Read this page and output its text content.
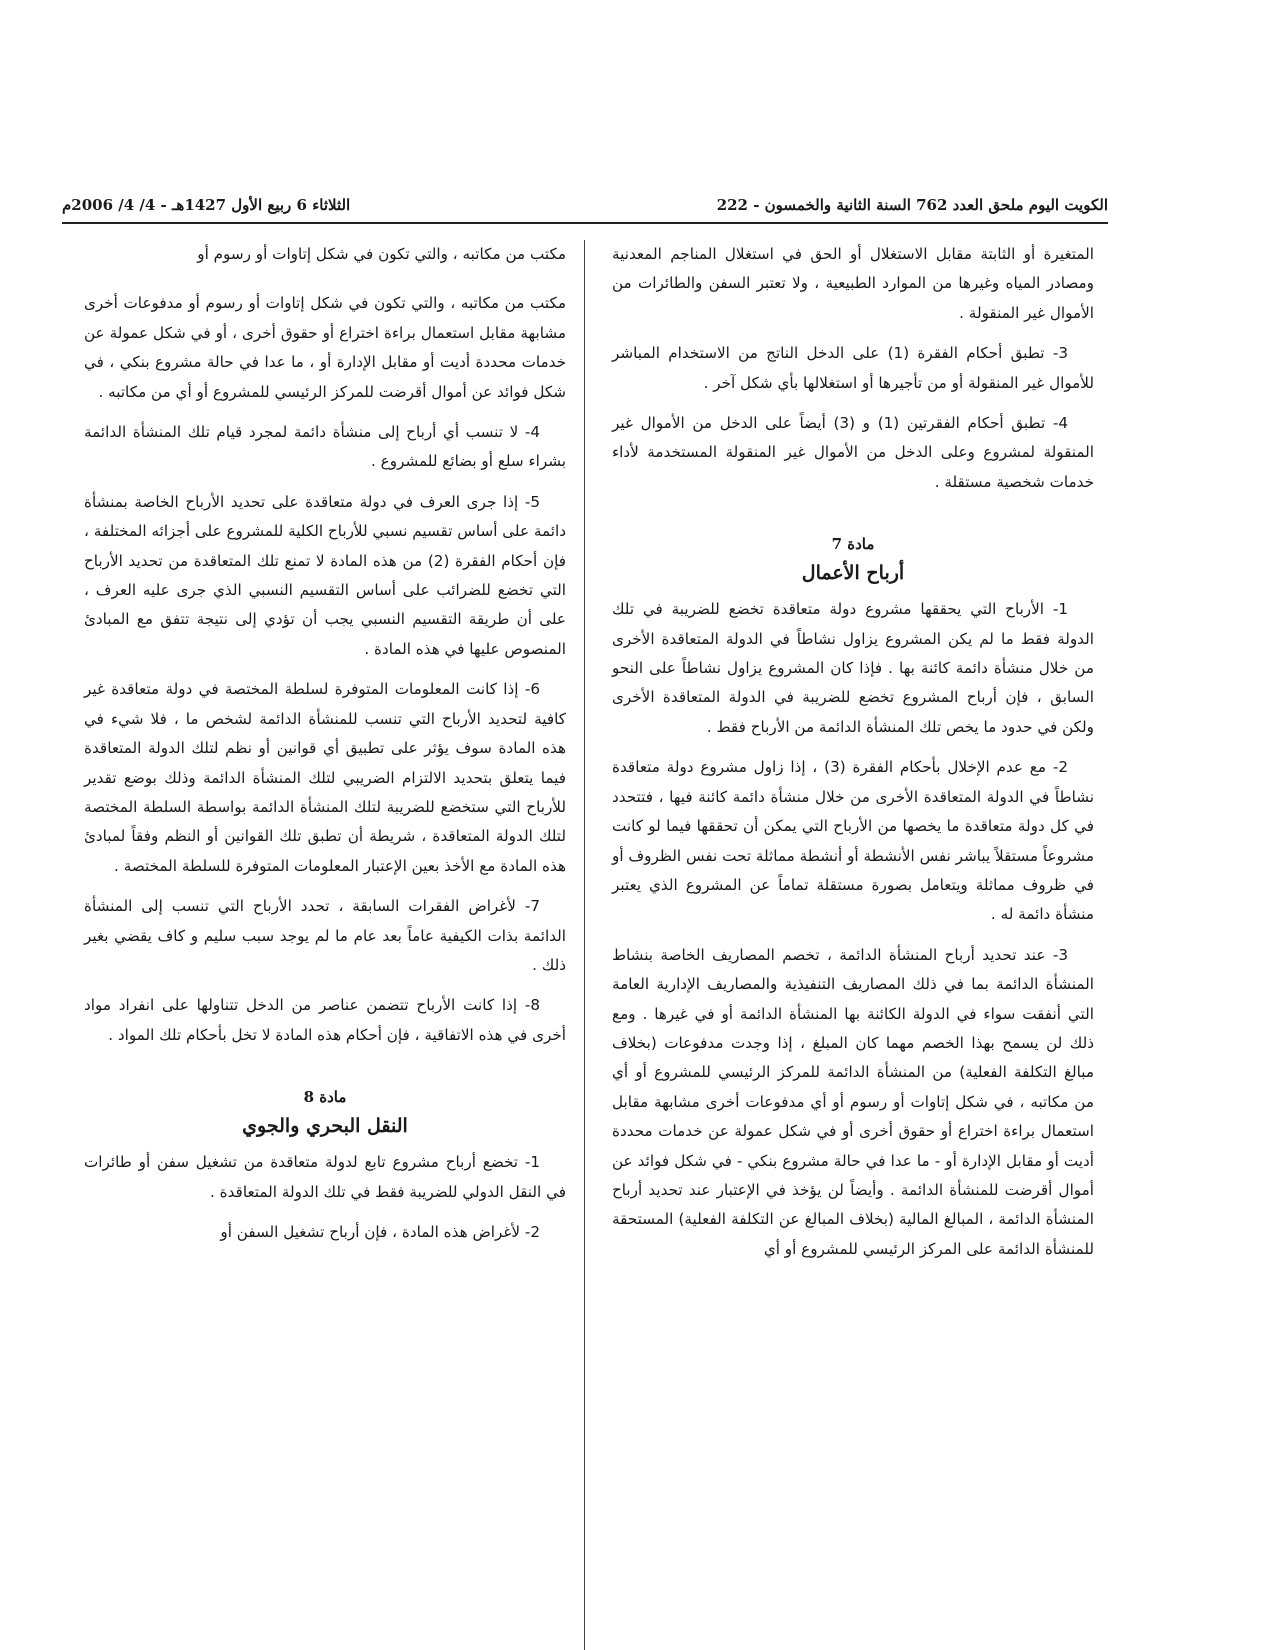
الكويت اليوم ملحق العدد 762 السنة الثانية والخمسون - 222
الثلاثاء 6 ربيع الأول 1427هـ - 4/ 4/ 2006م

المتغيرة أو الثابتة مقابل الاستغلال أو الحق في استغلال المناجم المعدنية ومصادر المياه وغيرها من الموارد الطبيعية ، ولا تعتبر السفن والطائرات من الأموال غير المنقولة .

3- تطبق أحكام الفقرة (1) على الدخل الناتج من الاستخدام المباشر للأموال غير المنقولة أو من تأجيرها أو استغلالها بأي شكل آخر .

4- تطبق أحكام الفقرتين (1) و (3) أيضاً على الدخل من الأموال غير المنقولة لمشروع وعلى الدخل من الأموال غير المنقولة المستخدمة لأداء خدمات شخصية مستقلة .

مادة 7
أرباح الأعمال

1- الأرباح التي يحققها مشروع دولة متعاقدة تخضع للضريبة في تلك الدولة فقط ما لم يكن المشروع يزاول نشاطاً في الدولة المتعاقدة الأخرى من خلال منشأة دائمة كائنة بها . فإذا كان المشروع يزاول نشاطاً على النحو السابق ، فإن أرباح المشروع تخضع للضريبة في الدولة المتعاقدة الأخرى ولكن في حدود ما يخص تلك المنشأة الدائمة من الأرباح فقط .

2- مع عدم الإخلال بأحكام الفقرة (3) ، إذا زاول مشروع دولة متعاقدة نشاطاً في الدولة المتعاقدة الأخرى من خلال منشأة دائمة كائنة فيها ، فتتحدد في كل دولة متعاقدة ما يخصها من الأرباح التي يمكن أن تحققها فيما لو كانت مشروعاً مستقلاً يباشر نفس الأنشطة أو أنشطة مماثلة تحت نفس الظروف أو في ظروف مماثلة ويتعامل بصورة مستقلة تماماً عن المشروع الذي يعتبر منشأة دائمة له .

3- عند تحديد أرباح المنشأة الدائمة ، تخصم المصاريف الخاصة بنشاط المنشأة الدائمة بما في ذلك المصاريف التنفيذية والمصاريف الإدارية العامة التي أنفقت سواء في الدولة الكائنة بها المنشأة الدائمة أو في غيرها . ومع ذلك لن يسمح بهذا الخصم مهما كان المبلغ ، إذا وجدت مدفوعات (بخلاف مبالغ التكلفة الفعلية) من المنشأة الدائمة للمركز الرئيسي للمشروع أو أي من مكاتبه ، في شكل إتاوات أو رسوم أو أي مدفوعات أخرى مشابهة مقابل استعمال براءة اختراع أو حقوق أخرى أو في شكل عمولة عن خدمات محددة أديت أو مقابل الإدارة أو - ما عدا في حالة مشروع بنكي - في شكل فوائد عن أموال أقرضت للمنشأة الدائمة . وأيضاً لن يؤخذ في الإعتبار عند تحديد أرباح المنشأة الدائمة ، المبالغ المالية (بخلاف المبالغ عن التكلفة الفعلية) المستحقة للمنشأة الدائمة على المركز الرئيسي للمشروع أو أي

مكتب من مكاتبه ، والتي تكون في شكل إتاوات أو رسوم أو

مكتب من مكاتبه ، والتي تكون في شكل إتاوات أو رسوم أو مدفوعات أخرى مشابهة مقابل استعمال براءة اختراع أو حقوق أخرى ، أو في شكل عمولة عن خدمات محددة أديت أو مقابل الإدارة أو ، ما عدا في حالة مشروع بنكي ، في شكل فوائد عن أموال أقرضت للمركز الرئيسي للمشروع أو أي من مكاتبه .

4- لا تنسب أي أرباح إلى منشأة دائمة لمجرد قيام تلك المنشأة الدائمة بشراء سلع أو بضائع للمشروع .

5- إذا جرى العرف في دولة متعاقدة على تحديد الأرباح الخاصة بمنشأة دائمة على أساس تقسيم نسبي للأرباح الكلية للمشروع على أجزائه المختلفة ، فإن أحكام الفقرة (2) من هذه المادة لا تمنع تلك المتعاقدة من تحديد الأرباح التي تخضع للضرائب على أساس التقسيم النسبي الذي جرى عليه العرف ، على أن طريقة التقسيم النسبي يجب أن تؤدي إلى نتيجة تتفق مع المبادئ المنصوص عليها في هذه المادة .

6- إذا كانت المعلومات المتوفرة لسلطة المختصة في دولة متعاقدة غير كافية لتحديد الأرباح التي تنسب للمنشأة الدائمة لشخص ما ، فلا شيء في هذه المادة سوف يؤثر على تطبيق أي قوانين أو نظم لتلك الدولة المتعاقدة فيما يتعلق بتحديد الالتزام الضريبي لتلك المنشأة الدائمة وذلك بوضع تقدير للأرباح التي ستخضع للضريبة لتلك المنشأة الدائمة بواسطة السلطة المختصة لتلك الدولة المتعاقدة ، شريطة أن تطبق تلك القوانين أو النظم وفقاً لمبادئ هذه المادة مع الأخذ بعين الإعتبار المعلومات المتوفرة للسلطة المختصة .

7- لأغراض الفقرات السابقة ، تحدد الأرباح التي تنسب إلى المنشأة الدائمة بذات الكيفية عاماً بعد عام ما لم يوجد سبب سليم و كاف يقضي بغير ذلك .

8- إذا كانت الأرباح تتضمن عناصر من الدخل تتناولها على انفراد مواد أخرى في هذه الاتفاقية ، فإن أحكام هذه المادة لا تخل بأحكام تلك المواد .

مادة 8
النقل البحري والجوي

1- تخضع أرباح مشروع تابع لدولة متعاقدة من تشغيل سفن أو طائرات في النقل الدولي للضريبة فقط في تلك الدولة المتعاقدة .

2- لأغراض هذه المادة ، فإن أرباح تشغيل السفن أو
